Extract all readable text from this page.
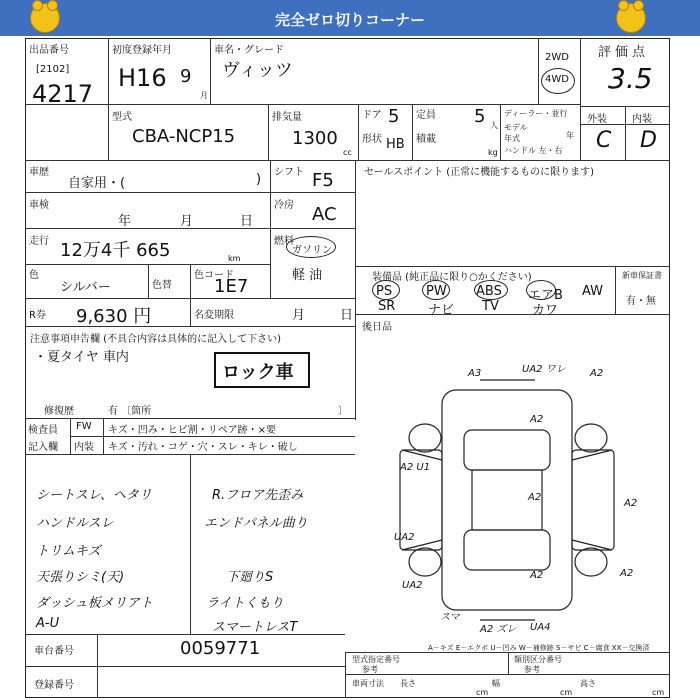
完全ゼロ切りコーナー
出品番号
[2102]
4217
初度登録年月
H16 9
月
車名・グレード
ヴィッツ
2WD
4WD
評価点
3.5
外装	内装
C D
型式
CBA-NCP15
排気量
1300
cc
ドア 5
形状 HB
定員 5 人
積載
kg
ディーラー・並行
モデル年式	年
ハンドル 左・右
車歴
自家用・(	) シフト F5
車検
年	月	日
冷房 AC
走行 12万4千 665	km
燃料
ガソリン
軽 油
色
シルバー	色替
色コード
1E7
R券 9,630 円	名変期限	月	日
セールスポイント (正常に機能するものに限ります)
装備品 (純正品に限り○かください)
PS	PW ABS エアB AW
SR	ナビ TV	カワ
新車保証書
有・無
後日品
注意事項申告欄 (不具合内容は具体的に記入して下さい)
・夏タイヤ 車内
ロック車
修復歴	有 〔箇所	〕
検査員
記入欄
FW キズ・凹み・ヒビ割・リペア跡・×要
内装 キズ・汚れ・コゲ・穴・スレ・キレ・破し
シートスレ、ヘタリ
ハンドルスレ
トリムキズ
天張りシミ(天)
ダッシュ板メリアト
A-U
R.フロア先歪み
エンドパネル曲り
下廻りS
ライトくもり
スマートレスT
A3	UA2 ワレ A2
A2
A2 U1
A2
UA2
A2
A2
UA2
A2
スマ
A2 ズレ UA4
A－キズ E－エクボ U－凹み W－補修跡 S－サビ C－腐食 XX－交換済
車台番号	0059771
登録番号
型式指定番号
参考
類別区分番号
参考
車両寸法 長さ
cm
幅
cm
高さ
cm
